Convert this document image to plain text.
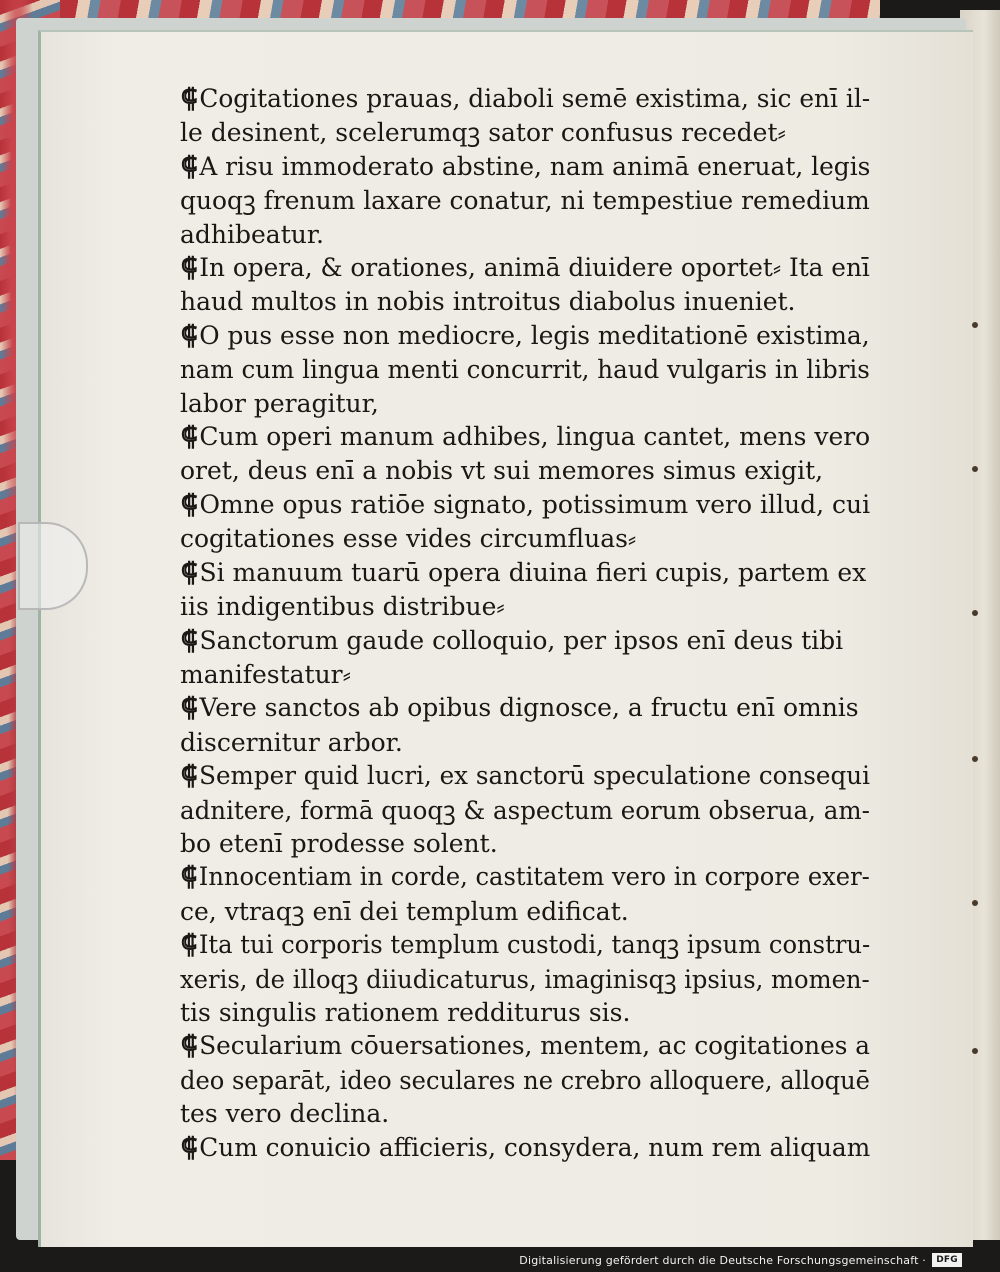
⸿Cogitationes prauas, diaboli semē existima, sic enī il‑
le desinent, scelerumqꝫ sator confusus recedet⸗

⸿A risu immoderato abstine, nam animā eneruat, legis
quoqꝫ frenum laxare conatur, ni tempestiue remedium
adhibeatur.

⸿In opera, & orationes, animā diuidere oportet⸗ Ita enī
haud multos in nobis introitus diabolus inueniet.

⸿O pus esse non mediocre, legis meditationē existima,
nam cum lingua menti concurrit, haud vulgaris in libris
labor peragitur,

⸿Cum operi manum adhibes, lingua cantet, mens vero
oret, deus enī a nobis vt sui memores simus exigit,

⸿Omne opus ratiōe signato, potissimum vero illud, cui
cogitationes esse vides circumfluas⸗

⸿Si manuum tuarū opera diuina fieri cupis, partem ex
iis indigentibus distribue⸗

⸿Sanctorum gaude colloquio, per ipsos enī deus tibi
manifestatur⸗

⸿Vere sanctos ab opibus dignosce, a fructu enī omnis
discernitur arbor.

⸿Semper quid lucri, ex sanctorū speculatione consequi
adnitere, formā quoqꝫ & aspectum eorum obserua, am‑
bo etenī prodesse solent.

⸿Innocentiam in corde, castitatem vero in corpore exer‑
ce, vtraqꝫ enī dei templum edificat.

⸿Ita tui corporis templum custodi, tanqꝫ ipsum constru‑
xeris, de illoqꝫ diiudicaturus, imaginisqꝫ ipsius, momen‑
tis singulis rationem redditurus sis.

⸿Secularium cōuersationes, mentem, ac cogitationes a
deo separāt, ideo seculares ne crebro alloquere, alloquē
tes vero declina.

⸿Cum conuicio afficieris, consydera, num rem aliquam

Digitalisierung gefördert durch die Deutsche Forschungsgemeinschaft ·	DFG
